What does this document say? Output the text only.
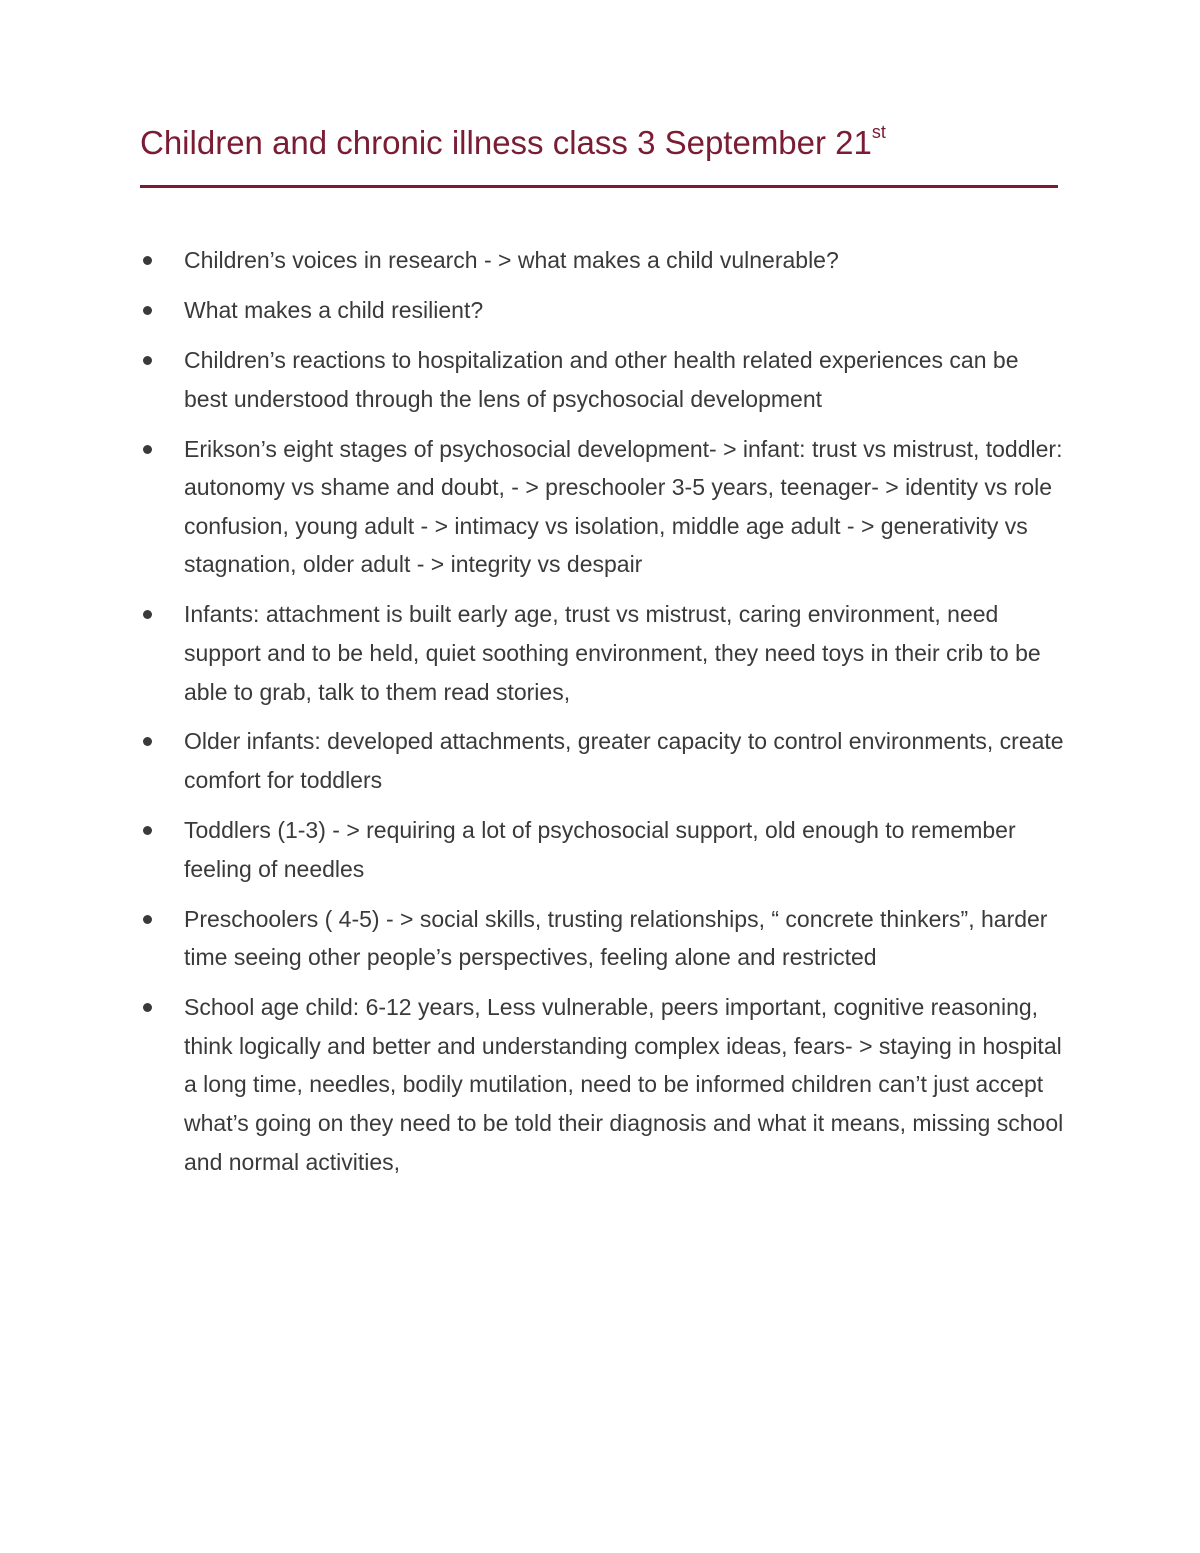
Children and chronic illness class 3 September 21st
Children’s voices in research - > what makes a child vulnerable?
What makes a child resilient?
Children’s reactions to hospitalization and other health related experiences can be best understood through the lens of psychosocial development
Erikson’s eight stages of psychosocial development- > infant: trust vs mistrust, toddler: autonomy vs shame and doubt, - > preschooler 3-5 years, teenager- > identity vs role confusion, young adult - > intimacy vs isolation, middle age adult - > generativity vs stagnation, older adult - > integrity vs despair
Infants: attachment is built early age, trust vs mistrust, caring environment, need support and to be held, quiet soothing environment, they need toys in their crib to be able to grab, talk to them read stories,
Older infants: developed attachments, greater capacity to control environments, create comfort for toddlers
Toddlers (1-3) - > requiring a lot of psychosocial support, old enough to remember feeling of needles
Preschoolers ( 4-5) - > social skills, trusting relationships, “ concrete thinkers”, harder time seeing other people’s perspectives, feeling alone and restricted
School age child: 6-12 years, Less vulnerable, peers important, cognitive reasoning, think logically and better and understanding complex ideas, fears- > staying in hospital a long time, needles, bodily mutilation, need to be informed children can’t just accept what’s going on they need to be told their diagnosis and what it means, missing school and normal activities,
